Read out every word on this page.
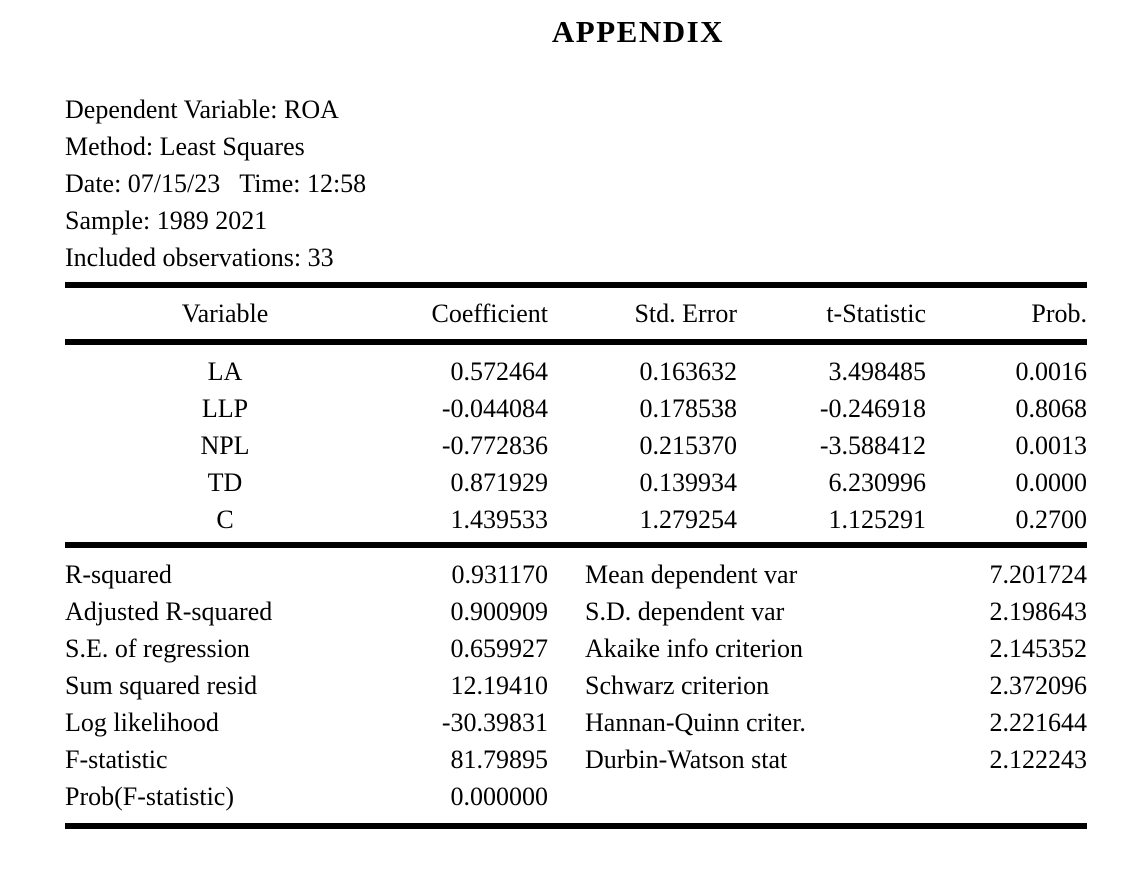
APPENDIX
Dependent Variable: ROA
Method: Least Squares
Date: 07/15/23   Time: 12:58
Sample: 1989 2021
Included observations: 33
Variable	Coefficient	Std. Error	t-Statistic	Prob.
LA	0.572464	0.163632	3.498485	0.0016
LLP	-0.044084	0.178538	-0.246918	0.8068
NPL	-0.772836	0.215370	-3.588412	0.0013
TD	0.871929	0.139934	6.230996	0.0000
C	1.439533	1.279254	1.125291	0.2700
R-squared	0.931170 Mean dependent var	7.201724
Adjusted R-squared	0.900909 S.D. dependent var	2.198643
S.E. of regression	0.659927 Akaike info criterion	2.145352
Sum squared resid	12.19410 Schwarz criterion	2.372096
Log likelihood	-30.39831 Hannan-Quinn criter.	2.221644
F-statistic	81.79895 Durbin-Watson stat	2.122243
Prob(F-statistic)	0.000000
